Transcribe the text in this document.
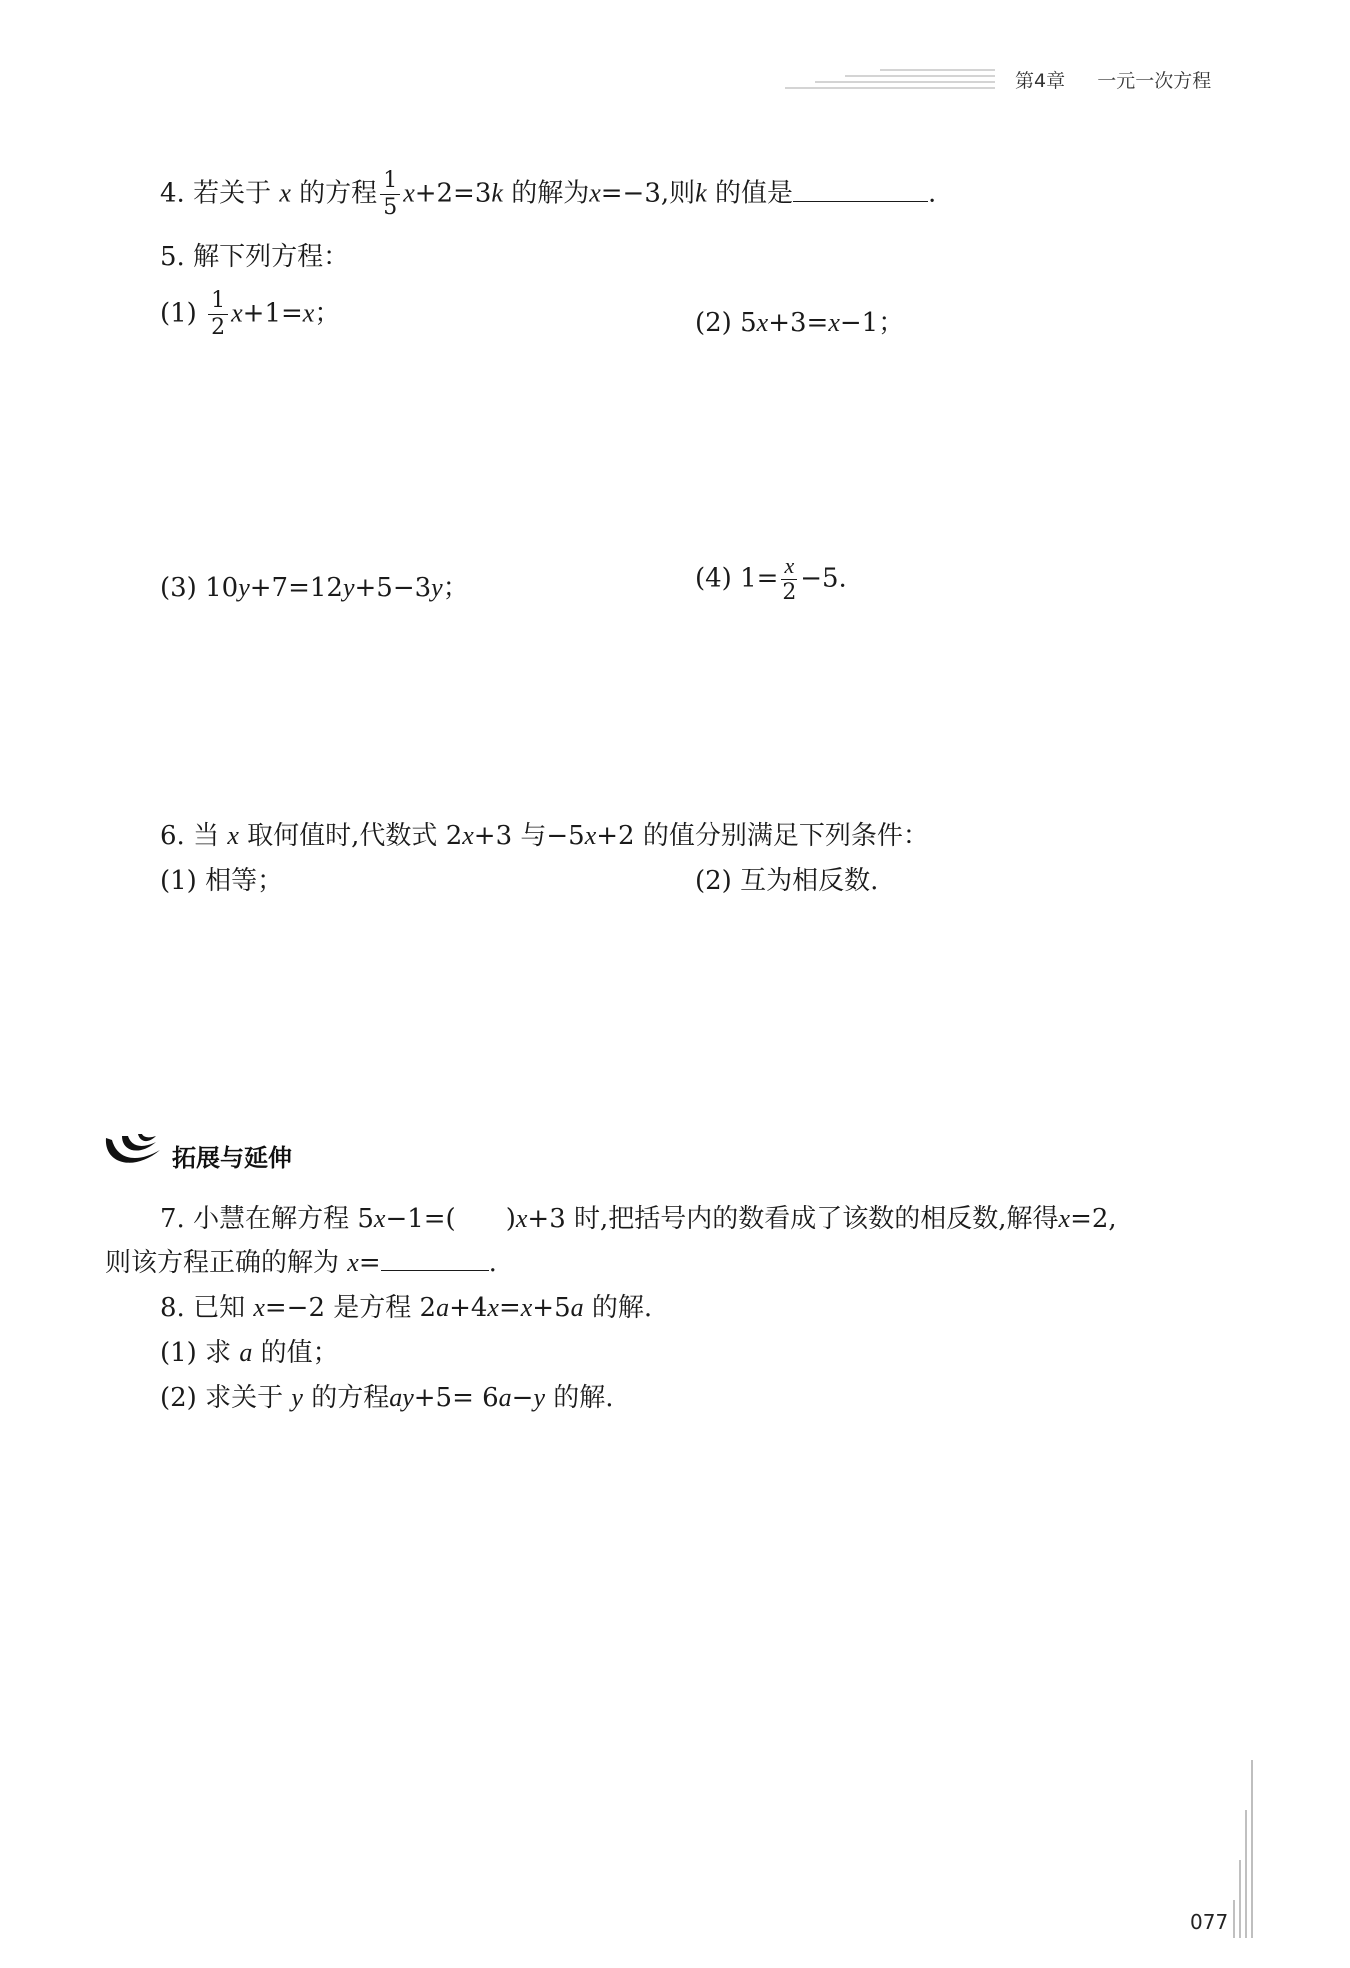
第4章 一元一次方程
4. 若关于 x 的方程 $\frac{1}{5} x+2=3k$ 的解为x=−3,则k 的值是	.
5. 解下列方程：
$(1) \frac{1}{2} x+1=x$；	(2) 5x+3=x−1；
(3) 10y+7=12y+5−3y；	(4) $1= \frac{x}{2} -5$.
6. 当 x 取何值时,代数式 2x+3 与−5x+2 的值分别满足下列条件：
(1) 相等；	(2) 互为相反数.
拓展与延伸
7. 小慧在解方程 5x−1=( )x+3 时,把括号内的数看成了该数的相反数,解得x=2,
则该方程正确的解为 x=	.
8. 已知 x=−2 是方程 2a+4x=x+5a 的解.
(1) 求 a 的值；
(2) 求关于 y 的方程ay+5= 6a−y 的解.
077
